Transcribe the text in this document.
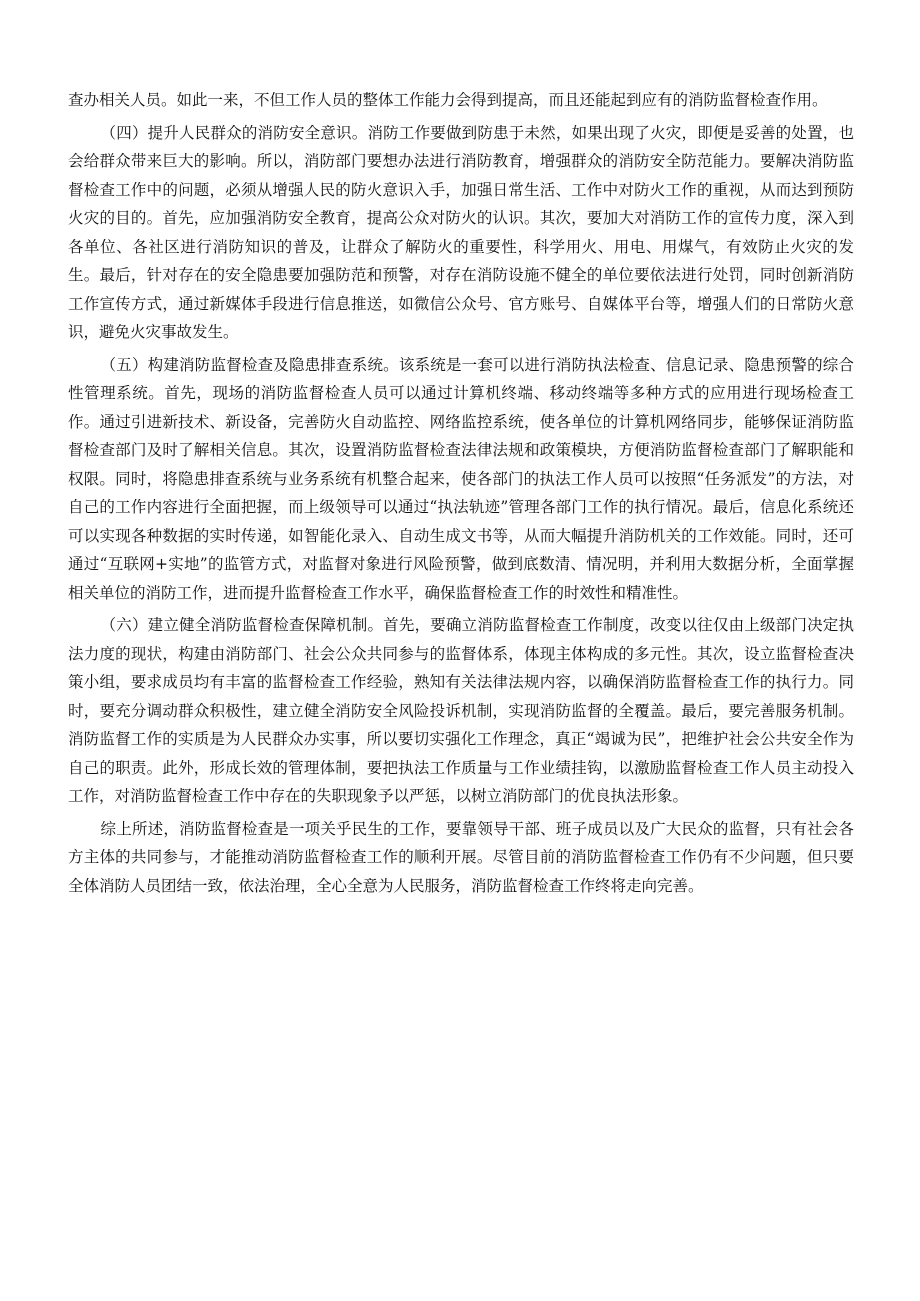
查办相关人员。如此一来，不但工作人员的整体工作能力会得到提高，而且还能起到应有的消防监督检查作用。

（四）提升人民群众的消防安全意识。消防工作要做到防患于未然，如果出现了火灾，即便是妥善的处置，也会给群众带来巨大的影响。所以，消防部门要想办法进行消防教育，增强群众的消防安全防范能力。要解决消防监督检查工作中的问题，必须从增强人民的防火意识入手，加强日常生活、工作中对防火工作的重视，从而达到预防火灾的目的。首先，应加强消防安全教育，提高公众对防火的认识。其次，要加大对消防工作的宣传力度，深入到各单位、各社区进行消防知识的普及，让群众了解防火的重要性，科学用火、用电、用煤气，有效防止火灾的发生。最后，针对存在的安全隐患要加强防范和预警，对存在消防设施不健全的单位要依法进行处罚，同时创新消防工作宣传方式，通过新媒体手段进行信息推送，如微信公众号、官方账号、自媒体平台等，增强人们的日常防火意识，避免火灾事故发生。

（五）构建消防监督检查及隐患排查系统。该系统是一套可以进行消防执法检查、信息记录、隐患预警的综合性管理系统。首先，现场的消防监督检查人员可以通过计算机终端、移动终端等多种方式的应用进行现场检查工作。通过引进新技术、新设备，完善防火自动监控、网络监控系统，使各单位的计算机网络同步，能够保证消防监督检查部门及时了解相关信息。其次，设置消防监督检查法律法规和政策模块，方便消防监督检查部门了解职能和权限。同时，将隐患排查系统与业务系统有机整合起来，使各部门的执法工作人员可以按照“任务派发”的方法，对自己的工作内容进行全面把握，而上级领导可以通过“执法轨迹”管理各部门工作的执行情况。最后，信息化系统还可以实现各种数据的实时传递，如智能化录入、自动生成文书等，从而大幅提升消防机关的工作效能。同时，还可通过“互联网+实地”的监管方式，对监督对象进行风险预警，做到底数清、情况明，并利用大数据分析，全面掌握相关单位的消防工作，进而提升监督检查工作水平，确保监督检查工作的时效性和精准性。

（六）建立健全消防监督检查保障机制。首先，要确立消防监督检查工作制度，改变以往仅由上级部门决定执法力度的现状，构建由消防部门、社会公众共同参与的监督体系，体现主体构成的多元性。其次，设立监督检查决策小组，要求成员均有丰富的监督检查工作经验，熟知有关法律法规内容，以确保消防监督检查工作的执行力。同时，要充分调动群众积极性，建立健全消防安全风险投诉机制，实现消防监督的全覆盖。最后，要完善服务机制。消防监督工作的实质是为人民群众办实事，所以要切实强化工作理念，真正“竭诚为民”，把维护社会公共安全作为自己的职责。此外，形成长效的管理体制，要把执法工作质量与工作业绩挂钩，以激励监督检查工作人员主动投入工作，对消防监督检查工作中存在的失职现象予以严惩，以树立消防部门的优良执法形象。

综上所述，消防监督检查是一项关乎民生的工作，要靠领导干部、班子成员以及广大民众的监督，只有社会各方主体的共同参与，才能推动消防监督检查工作的顺利开展。尽管目前的消防监督检查工作仍有不少问题，但只要全体消防人员团结一致，依法治理，全心全意为人民服务，消防监督检查工作终将走向完善。
